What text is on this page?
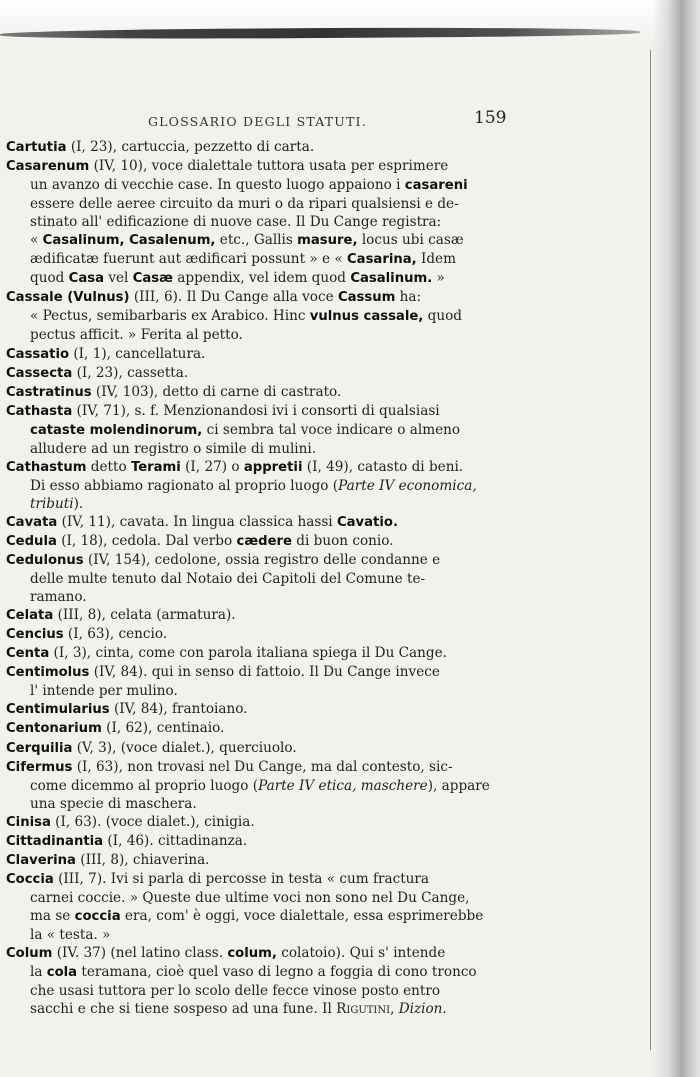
GLOSSARIO DEGLI STATUTI.	159
Cartutia (I, 23), cartuccia, pezzetto di carta.
Casarenum (IV, 10), voce dialettale tuttora usata per esprimere
un avanzo di vecchie case. In questo luogo appaiono i casareni
essere delle aeree circuito da muri o da ripari qualsiensi e de-
stinato all' edificazione di nuove case. Il Du Cange registra:
« Casalinum, Casalenum, etc., Gallis masure, locus ubi casæ
ædificatæ fuerunt aut ædificari possunt » e « Casarina, Idem
quod Casa vel Casæ appendix, vel idem quod Casalinum. »
Cassale (Vulnus) (III, 6). Il Du Cange alla voce Cassum ha:
« Pectus, semibarbaris ex Arabico. Hinc vulnus cassale, quod
pectus afficit. » Ferita al petto.
Cassatio (I, 1), cancellatura.
Cassecta (I, 23), cassetta.
Castratinus (IV, 103), detto di carne di castrato.
Cathasta (IV, 71), s. f. Menzionandosi ivi i consorti di qualsiasi
cataste molendinorum, ci sembra tal voce indicare o almeno
alludere ad un registro o simile di mulini.
Cathastum detto Terami (I, 27) o appretii (I, 49), catasto di beni.
Di esso abbiamo ragionato al proprio luogo (Parte IV economica,
tributi).
Cavata (IV, 11), cavata. In lingua classica hassi Cavatio.
Cedula (I, 18), cedola. Dal verbo cædere di buon conio.
Cedulonus (IV, 154), cedolone, ossia registro delle condanne e
delle multe tenuto dal Notaio dei Capitoli del Comune te-
ramano.
Celata (III, 8), celata (armatura).
Cencius (I, 63), cencio.
Centa (I, 3), cinta, come con parola italiana spiega il Du Cange.
Centimolus (IV, 84). qui in senso di fattoio. Il Du Cange invece
l' intende per mulino.
Centimularius (IV, 84), frantoiano.
Centonarium (I, 62), centinaio.
Cerquilia (V, 3), (voce dialet.), querciuolo.
Cifermus (I, 63), non trovasi nel Du Cange, ma dal contesto, sic-
come dicemmo al proprio luogo (Parte IV etica, maschere), appare
una specie di maschera.
Cinisa (I, 63). (voce dialet.), cinigia.
Cittadinantia (I, 46). cittadinanza.
Claverina (III, 8), chiaverina.
Coccia (III, 7). Ivi si parla di percosse in testa « cum fractura
carnei coccie. » Queste due ultime voci non sono nel Du Cange,
ma se coccia era, com' è oggi, voce dialettale, essa esprimerebbe
la « testa. »
Colum (IV. 37) (nel latino class. colum, colatoio). Qui s' intende
la cola teramana, cioè quel vaso di legno a foggia di cono tronco
che usasi tuttora per lo scolo delle fecce vinose posto entro
sacchi e che si tiene sospeso ad una fune. Il Rigutini, Dizion.
